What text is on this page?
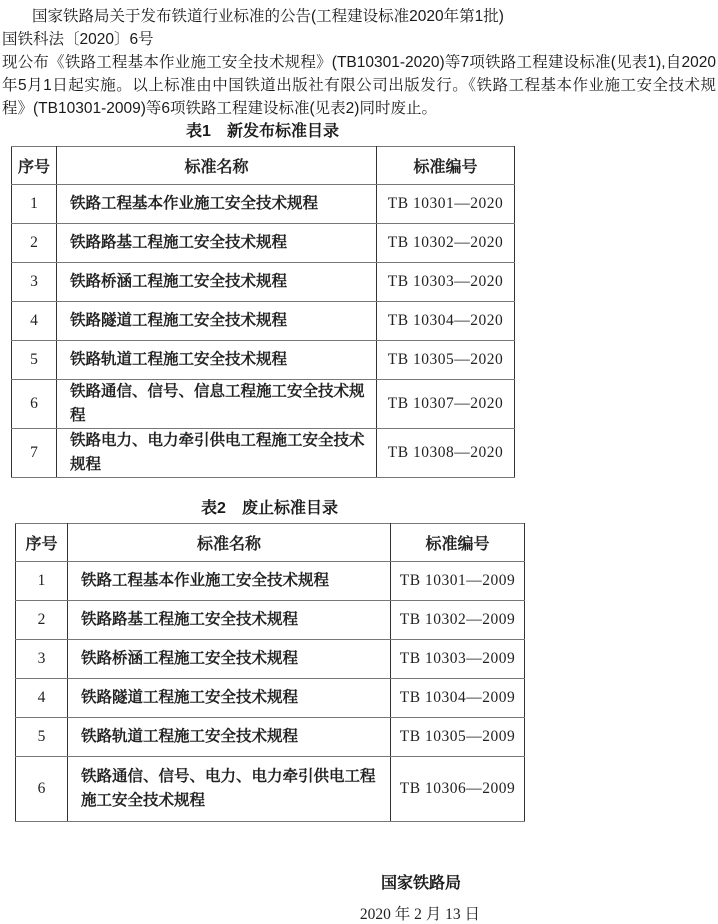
国家铁路局关于发布铁道行业标准的公告(工程建设标准2020年第1批)
国铁科法〔2020〕6号
现公布《铁路工程基本作业施工安全技术规程》(TB10301-2020)等7项铁路工程建设标准(见表1),自2020年5月1日起实施。以上标准由中国铁道出版社有限公司出版发行。《铁路工程基本作业施工安全技术规程》(TB10301-2009)等6项铁路工程建设标准(见表2)同时废止。
表1　新发布标准目录
序号	标准名称	标准编号
1	铁路工程基本作业施工安全技术规程	TB 10301—2020
2	铁路路基工程施工安全技术规程	TB 10302—2020
3	铁路桥涵工程施工安全技术规程	TB 10303—2020
4	铁路隧道工程施工安全技术规程	TB 10304—2020
5	铁路轨道工程施工安全技术规程	TB 10305—2020
6	铁路通信、信号、信息工程施工安全技术规程	TB 10307—2020
7	铁路电力、电力牵引供电工程施工安全技术规程	TB 10308—2020
表2　废止标准目录
序号	标准名称	标准编号
1	铁路工程基本作业施工安全技术规程	TB 10301—2009
2	铁路路基工程施工安全技术规程	TB 10302—2009
3	铁路桥涵工程施工安全技术规程	TB 10303—2009
4	铁路隧道工程施工安全技术规程	TB 10304—2009
5	铁路轨道工程施工安全技术规程	TB 10305—2009
6	铁路通信、信号、电力、电力牵引供电工程施工安全技术规程	TB 10306—2009
国家铁路局
2020 年 2 月 13 日
